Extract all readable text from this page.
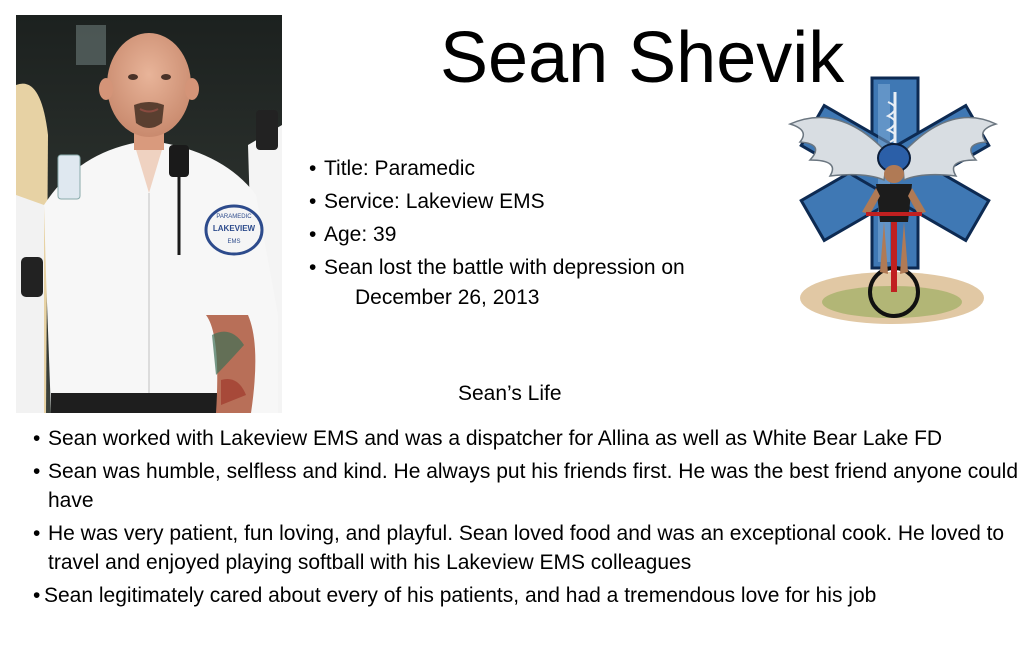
PARAMEDIC
LAKEVIEW
EMS
Sean Shevik
• Title: Paramedic
• Service: Lakeview EMS
• Age: 39
• Sean lost the battle with depression on
December 26, 2013
Sean’s Life
• Sean worked with Lakeview EMS and was a dispatcher for Allina as well as White Bear Lake FD
• Sean was humble, selfless and kind. He always put his friends first. He was the best friend anyone could have
• He was very patient, fun loving, and playful. Sean loved food and was an exceptional cook. He loved to travel and enjoyed playing softball with his Lakeview EMS colleagues
• Sean legitimately cared about every of his patients, and had a tremendous love for his job
